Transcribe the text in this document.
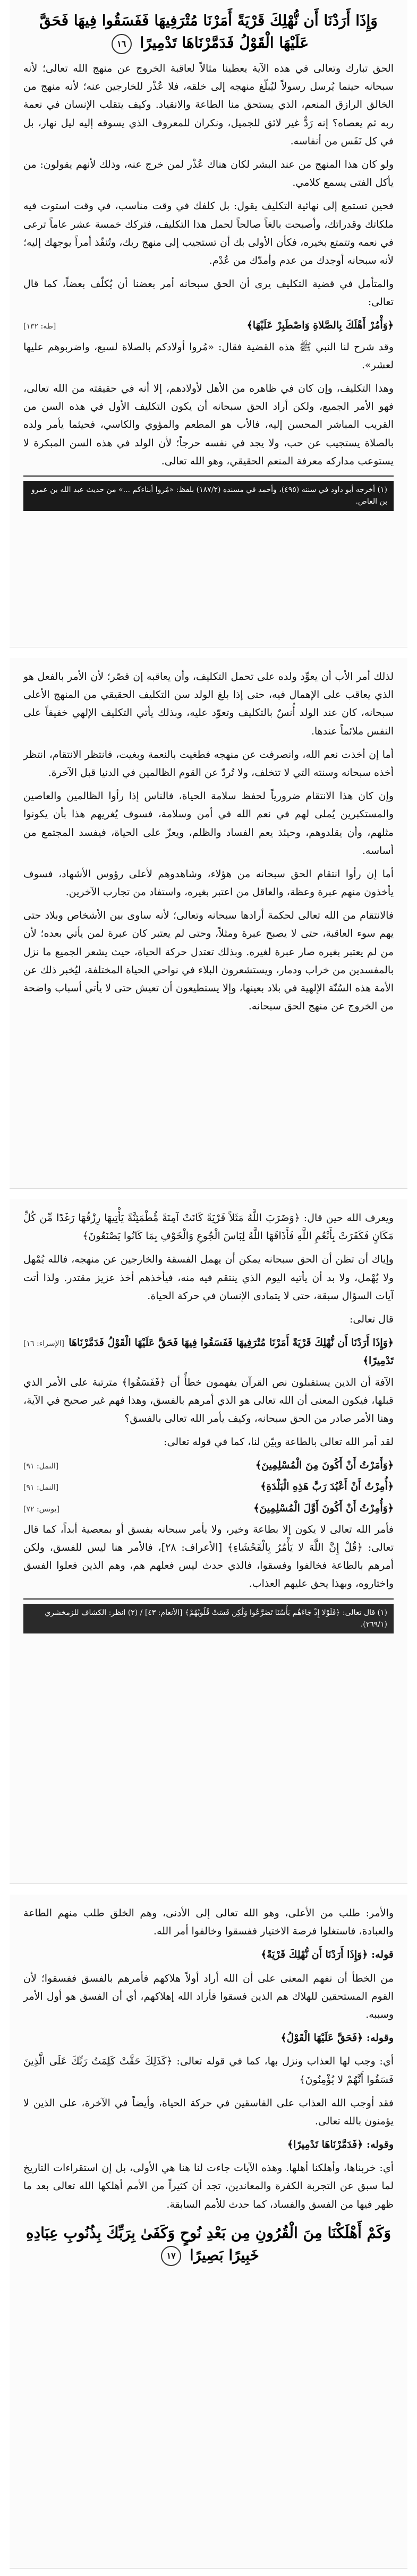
وَإِذَا أَرَدْنَا أَن نُّهْلِكَ قَرْيَةً أَمَرْنَا مُتْرَفِيهَا فَفَسَقُوا فِيهَا فَحَقَّ عَلَيْهَا الْقَوْلُ فَدَمَّرْنَاهَا تَدْمِيرًا ١٦

الحق تبارك وتعالى في هذه الآية يعطينا مثالاً لعاقبة الخروج عن منهج الله تعالى؛ لأنه سبحانه حينما يُرسل رسولاً ليُبلّغ منهجه إلى خلقه، فلا عُذْر للخارجين عنه؛ لأنه منهج من الخالق الرازق المنعم، الذي يستحق منا الطاعة والانقياد. وكيف يتقلب الإنسان في نعمة ربه ثم يعصاه؟ إنه رَدٌّ غير لائق للجميل، ونكران للمعروف الذي يسوقه إليه ليل نهار، بل في كل نَفَس من أنفاسه.

ولو كان هذا المنهج من عند البشر لكان هناك عُذْر لمن خرج عنه، وذلك لأنهم يقولون: من يأكل الفتى يسمع كلامي.

فحين تستمع إلى نهائية التكليف يقول: بل كلفك في وقت مناسب، في وقت استوت فيه ملكاتك وقدراتك، وأصبحت بالغاً صالحاً لحمل هذا التكليف، فتركك خمسة عشر عاماً ترعى في نعمه وتتمتع بخيره، فكأن الأولى بك أن تستجيب إلى منهج ربك، وتُنفّذ أمراً يوجهك إليه؛ لأنه سبحانه أوجدك من عدم وأمدّك من عُدْم.

والمتأمل في قضية التكليف يرى أن الحق سبحانه أمر بعضنا أن يُكلّف بعضاً، كما قال تعالى:

﴿وَأْمُرْ أَهْلَكَ بِالصَّلاةِ وَاصْطَبِرْ عَلَيْهَا﴾
[طه: ١٣٢]

وقد شرح لنا النبي ﷺ هذه القضية فقال: «مُروا أولادكم بالصلاة لسبع، واضربوهم عليها لعشر».

وهذا التكليف، وإن كان في ظاهره من الأهل لأولادهم، إلا أنه في حقيقته من الله تعالى، فهو الأمر الجميع، ولكن أراد الحق سبحانه أن يكون التكليف الأول في هذه السن من القريب المباشر المحسن إليه، فالأب هو المطعم والمؤوي والكاسي، فحيثما يأمر ولده بالصلاة يستجيب عن حب، ولا يجد في نفسه حرجاً؛ لأن الولد في هذه السن المبكرة لا يستوعب مداركه معرفة المنعم الحقيقي، وهو الله تعالى.

(١) أخرجه أبو داود في سننه (٤٩٥)، وأحمد في مسنده (١٨٧/٢) بلفظ: «مُروا أبناءكم ...» من حديث عبد الله بن عمرو بن العاص.

لذلك أمر الأب أن يعوِّد ولده على تحمل التكليف، وأن يعاقبه إن قصّر؛ لأن الأمر بالفعل هو الذي يعاقب على الإهمال فيه، حتى إذا بلغ الولد سن التكليف الحقيقي من المنهج الأعلى سبحانه، كان عند الولد أُنسٌ بالتكليف وتعوّد عليه، وبذلك يأتي التكليف الإلهي خفيفاً على النفس ملائماً عندها.

أما إن أخذت نعم الله، وانصرفت عن منهجه فطغيت بالنعمة وبغيت، فانتظر الانتقام، انتظر أخذه سبحانه وسنته التي لا تتخلف، ولا تُردّ عن القوم الظالمين في الدنيا قبل الآخرة.

وإن كان هذا الانتقام ضرورياً لحفظ سلامة الحياة، فالناس إذا رأوا الظالمين والعاصين والمستكبرين يُملى لهم في نعم الله في أمن وسلامة، فسوف يُغريهم هذا بأن يكونوا مثلهم، وأن يقلدوهم، وحيئذ يعم الفساد والظلم، ويعزّ على الحياة، فيفسد المجتمع من أساسه.

أما إن رأوا انتقام الحق سبحانه من هؤلاء، وشاهدوهم لأعلى رؤوس الأشهاد، فسوف يأخذون منهم عبرة وعظة، والعاقل من اعتبر بغيره، واستفاد من تجارب الآخرين.

فالانتقام من الله تعالى لحكمة أرادها سبحانه وتعالى؛ لأنه ساوى بين الأشخاص وبلاد حتى يهم سوء العاقبة، حتى لا يصبح عبرة ومثلاً، وحتى لم يعتبر كان عبرة لمن يأتي بعده؛ لأن من لم يعتبر بغيره صار عبرة لغيره. وبذلك تعتدل حركة الحياة، حيث يشعر الجميع ما نزل بالمفسدين من خراب ودمار، ويستشعرون البلاء في نواحي الحياة المختلفة، ليُخبر ذلك عن الأمة هذه السُنّة الإلهية في بلاد بعينها، وإلا يستطيعون أن تعيش حتى لا يأتي أسباب واضحة من الخروج عن منهج الحق سبحانه.

ويعرف الله حين قال: ﴿وَضَرَبَ اللَّهُ مَثَلاً قَرْيَةً كَانَتْ آمِنَةً مُّطْمَئِنَّةً يَأْتِيهَا رِزْقُهَا رَغَدًا مِّن كُلِّ مَكَانٍ فَكَفَرَتْ بِأَنْعُمِ اللَّهِ فَأَذَاقَهَا اللَّهُ لِبَاسَ الْجُوعِ وَالْخَوْفِ بِمَا كَانُوا يَصْنَعُونَ﴾

وإياك أن تظن أن الحق سبحانه يمكن أن يهمل الفسقة والخارجين عن منهجه، فالله يُمْهل ولا يُهْمل، ولا بد أن يأتيه اليوم الذي ينتقم فيه منه، فيأخذهم أخذ عزيز مقتدر. ولذا أتت آيات السؤال سبقة، حتى لا يتمادى الإنسان في حركة الحياة.

قال تعالى:

﴿وَإِذَا أَرَدْنَا أَن نُّهْلِكَ قَرْيَةً أَمَرْنَا مُتْرَفِيهَا فَفَسَقُوا فِيهَا فَحَقَّ عَلَيْهَا الْقَوْلُ فَدَمَّرْنَاهَا تَدْمِيرًا﴾
[الإسراء: ١٦]

الآفة أن الذين يستقبلون نص القرآن يفهمون خطأً أن ﴿فَفَسَقُوا﴾ مترتبة على الأمر الذي قبلها، فيكون المعنى أن الله تعالى هو الذي أمرهم بالفسق، وهذا فهم غير صحيح في الآية، وهنا الأمر صادر من الحق سبحانه، وكيف يأمر الله تعالى بالفسق؟

لقد أمر الله تعالى بالطاعة وبيّن لنا، كما في قوله تعالى:

﴿وَأَمَرْتُ أَنْ أَكُونَ مِنَ الْمُسْلِمِينَ﴾
[النمل: ٩١]
﴿أُمِرْتُ أَنْ أَعْبُدَ رَبَّ هَذِهِ الْبَلْدَةِ﴾
[النمل: ٩١]
﴿وَأُمِرْتُ أَنْ أَكُونَ أَوَّلَ الْمُسْلِمِينَ﴾
[يونس: ٧٢]

فأمر الله تعالى لا يكون إلا بطاعة وخير، ولا يأمر سبحانه بفسق أو بمعصية أبداً، كما قال تعالى: ﴿قُلْ إِنَّ اللَّهَ لا يَأْمُرُ بِالْفَحْشَاءِ﴾ [الأعراف: ٢٨]، فالأمر هنا ليس للفسق، ولكن أمرهم بالطاعة فخالفوا وفسقوا، فالذي حدث ليس فعلهم هم، وهم الذين فعلوا الفسق واختاروه، وبهذا يحق عليهم العذاب.

(١) قال تعالى: ﴿فَلَوْلا إِذْ جَاءَهُم بَأْسُنَا تَضَرَّعُوا وَلَٰكِن قَسَتْ قُلُوبُهُمْ﴾ [الأنعام: ٤٣] / (٢) انظر: الكشاف للزمخشري (٢٦٩/١).

والأمر: طلب من الأعلى، وهو الله تعالى إلى الأدنى، وهم الخلق طلب منهم الطاعة والعبادة، فاستغلوا فرصة الاختيار ففسقوا وخالفوا أمر الله.

قوله: ﴿وَإِذَا أَرَدْنَا أَن نُّهْلِكَ قَرْيَةً﴾

من الخطأ أن نفهم المعنى على أن الله أراد أولاً هلاكهم فأمرهم بالفسق ففسقوا؛ لأن القوم المستحقين للهلاك هم الذين فسقوا فأراد الله إهلاكهم، أي أن الفسق هو أول الأمر وسببه.

وقوله: ﴿فَحَقَّ عَلَيْهَا الْقَوْلُ﴾

أي: وجب لها العذاب ونزل بها، كما في قوله تعالى: ﴿كَذَلِكَ حَقَّتْ كَلِمَتُ رَبِّكَ عَلَى الَّذِينَ فَسَقُوا أَنَّهُمْ لا يُؤْمِنُونَ﴾

فقد أوجب الله العذاب على الفاسقين في حركة الحياة، وأيضاً في الآخرة، على الذين لا يؤمنون بالله تعالى.

وقوله: ﴿فَدَمَّرْنَاهَا تَدْمِيرًا﴾

أي: خربناها، وأهلكنا أهلها. وهذه الآيات جاءت لنا هنا هي الأولى، بل إن استقراءات التاريخ لما سبق عن التجربة الكفرة والمعاندين، تجد أن كثيراً من الأمم أهلكها الله تعالى بعد ما ظهر فيها من الفسق والفساد، كما حدث للأمم السابقة.

وَكَمْ أَهْلَكْنَا مِنَ الْقُرُونِ مِن بَعْدِ نُوحٍ وَكَفَىٰ بِرَبِّكَ بِذُنُوبِ عِبَادِهِ خَبِيرًا بَصِيرًا ١٧
